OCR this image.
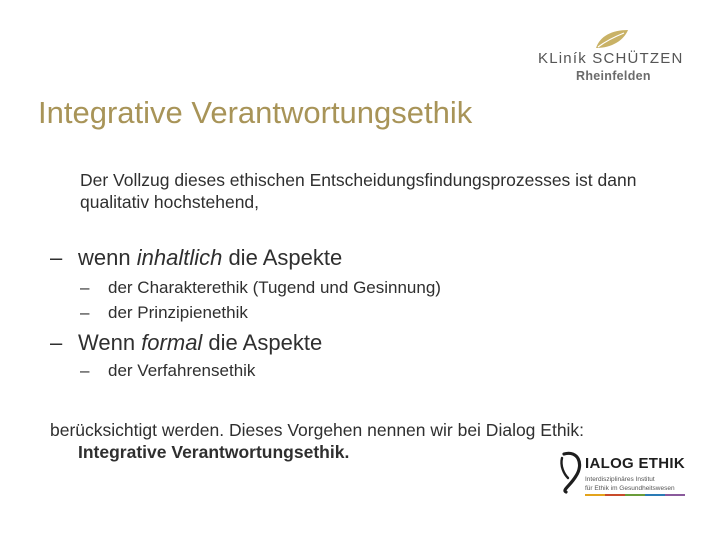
KLiník SCHÜTZEN
Rheinfelden
Integrative Verantwortungsethik
Der Vollzug dieses ethischen Entscheidungsfindungsprozesses ist dann qualitativ hochstehend,
– wenn inhaltlich die Aspekte
– der Charakterethik (Tugend und Gesinnung)
– der Prinzipienethik
– Wenn formal die Aspekte
– der Verfahrensethik
berücksichtigt werden. Dieses Vorgehen nennen wir bei Dialog Ethik:
Integrative Verantwortungsethik.
IALOG ETHIK
Interdisziplinäres Institut
für Ethik im Gesundheitswesen
